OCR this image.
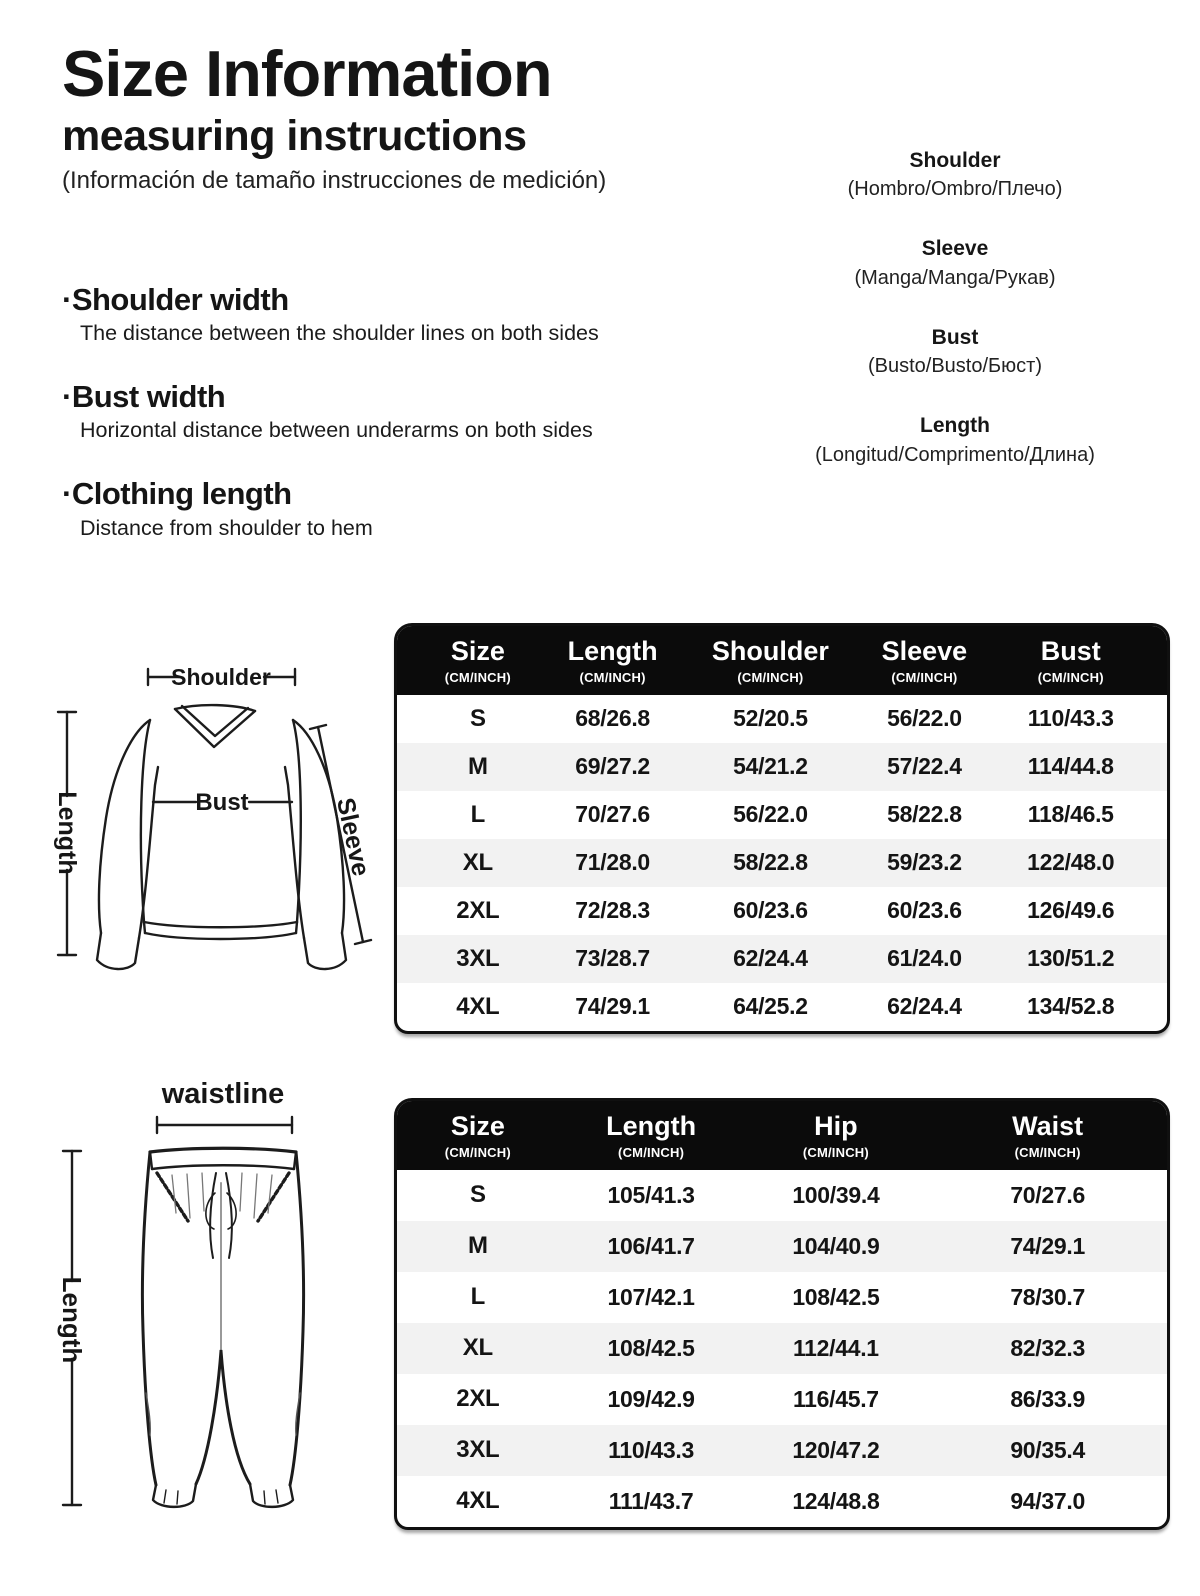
Size Information
measuring instructions
(Información de tamaño instrucciones de medición)
Shoulder
(Hombro/Ombro/Плечо)
Sleeve
(Manga/Manga/Рукав)
Bust
(Busto/Busto/Бюст)
Length
(Longitud/Comprimento/Длина)
·Shoulder width
The distance between the shoulder lines on both sides
·Bust width
Horizontal distance between underarms on both sides
·Clothing length
Distance from shoulder to hem
Shoulder
Length	Sleeve
Bust
waistline
Length
Size
(CM/INCH)

Length
(CM/INCH)

Shoulder
(CM/INCH)

Sleeve
(CM/INCH)

Bust
(CM/INCH)

S	68/26.8	52/20.5	56/22.0	110/43.3
M	69/27.2	54/21.2	57/22.4	114/44.8
L	70/27.6	56/22.0	58/22.8	118/46.5
XL	71/28.0	58/22.8	59/23.2	122/48.0
2XL	72/28.3	60/23.6	60/23.6	126/49.6
3XL	73/28.7	62/24.4	61/24.0	130/51.2
4XL	74/29.1	64/25.2	62/24.4	134/52.8
Size
(CM/INCH)

Length
(CM/INCH)

Hip
(CM/INCH)

Waist
(CM/INCH)

S	105/41.3	100/39.4	70/27.6
M	106/41.7	104/40.9	74/29.1
L	107/42.1	108/42.5	78/30.7
XL	108/42.5	112/44.1	82/32.3
2XL	109/42.9	116/45.7	86/33.9
3XL	110/43.3	120/47.2	90/35.4
4XL	111/43.7	124/48.8	94/37.0
